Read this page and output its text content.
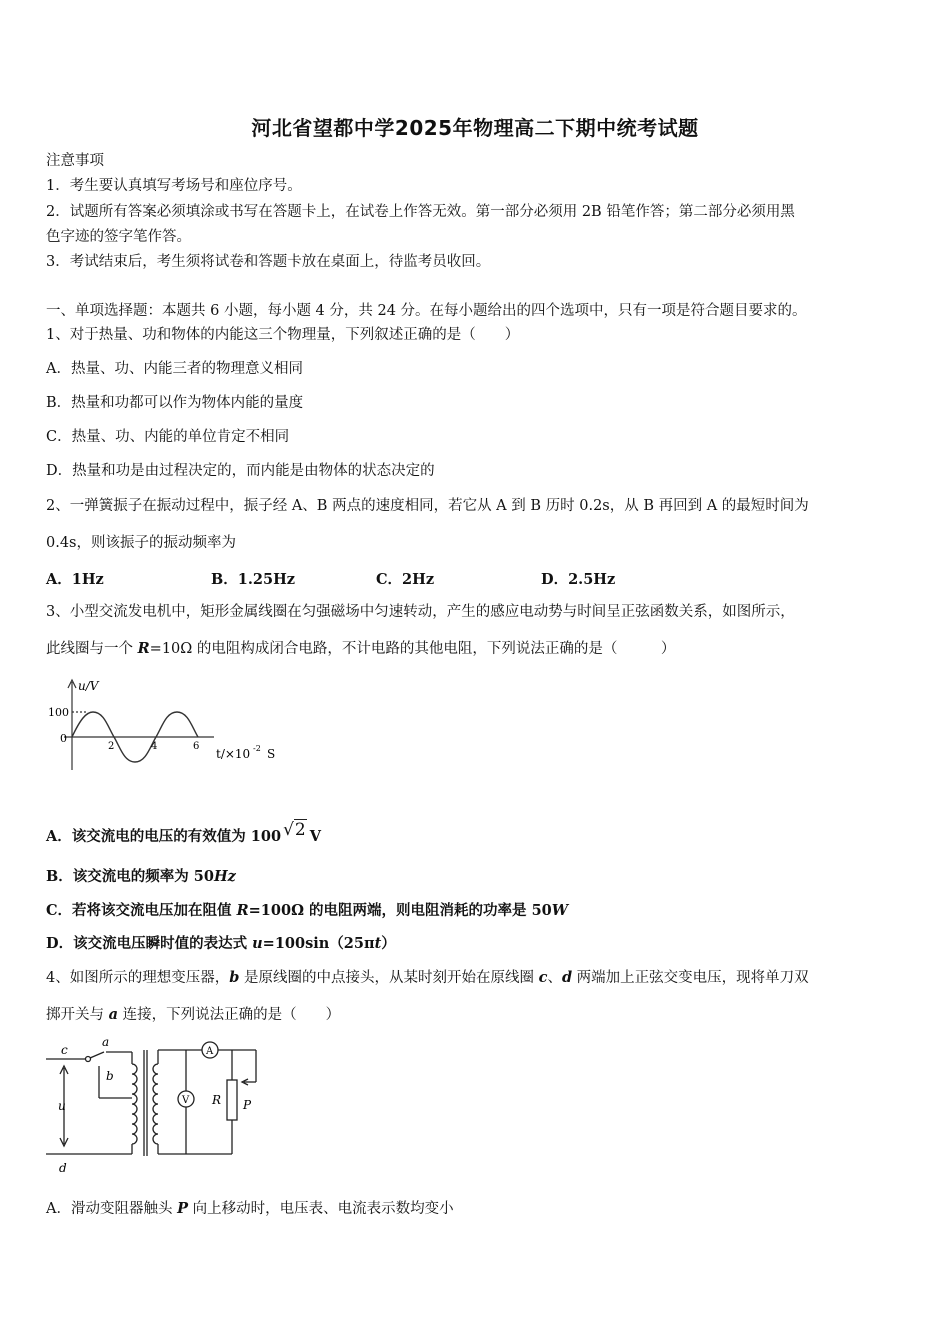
河北省望都中学2025年物理高二下期中统考试题
注意事项
1．考生要认真填写考场号和座位序号。
2．试题所有答案必须填涂或书写在答题卡上，在试卷上作答无效。第一部分必须用 2B 铅笔作答；第二部分必须用黑
色字迹的签字笔作答。
3．考试结束后，考生须将试卷和答题卡放在桌面上，待监考员收回。
一、单项选择题：本题共 6 小题，每小题 4 分，共 24 分。在每小题给出的四个选项中，只有一项是符合题目要求的。
1、对于热量、功和物体的内能这三个物理量，下列叙述正确的是（　　）
A．热量、功、内能三者的物理意义相同
B．热量和功都可以作为物体内能的量度
C．热量、功、内能的单位肯定不相同
D．热量和功是由过程决定的，而内能是由物体的状态决定的
2、一弹簧振子在振动过程中，振子经 A、B 两点的速度相同，若它从 A 到 B 历时 0.2s，从 B 再回到 A 的最短时间为
0.4s，则该振子的振动频率为
A．1Hz	B．1.25Hz	C．2Hz	D．2.5Hz
3、小型交流发电机中，矩形金属线圈在匀强磁场中匀速转动，产生的感应电动势与时间呈正弦函数关系，如图所示，
此线圈与一个 R=10Ω 的电阻构成闭合电路，不计电路的其他电阻，下列说法正确的是（　　　）
u/V
100
0
2	4	6
t/×10 -2 S
A．该交流电的电压的有效值为 100 √2 V
B．该交流电的频率为 50Hz
C．若将该交流电压加在阻值 R=100Ω 的电阻两端，则电阻消耗的功率是 50W
D．该交流电压瞬时值的表达式 u=100sin（25πt）
4、如图所示的理想变压器，b 是原线圈的中点接头，从某时刻开始在原线圈 c、d 两端加上正弦交变电压，现将单刀双
掷开关与 a 连接，下列说法正确的是（　　）
c
a
b
u
d
A
V R P
A．滑动变阻器触头 P 向上移动时，电压表、电流表示数均变小
